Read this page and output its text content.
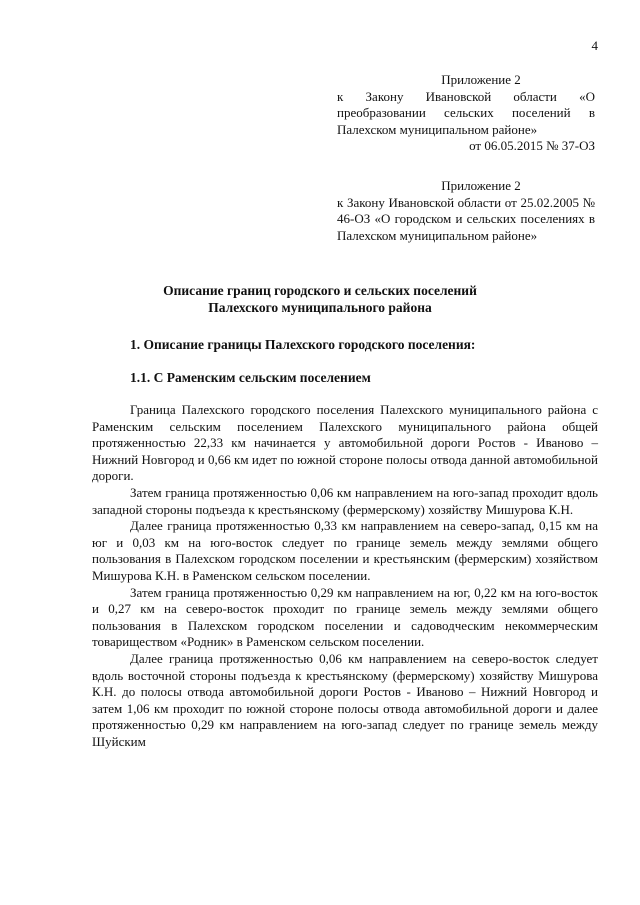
4
Приложение 2
к Закону Ивановской области «О преобразовании сельских поселений в Палехском муниципальном районе»
от 06.05.2015 № 37-ОЗ
Приложение 2
к Закону Ивановской области от 25.02.2005 № 46-ОЗ «О городском и сельских поселениях в Палехском муниципальном районе»
Описание границ городского и сельских поселений
Палехского муниципального района
1. Описание границы Палехского городского поселения:
1.1. С Раменским сельским поселением

Граница Палехского городского поселения Палехского муниципального района с Раменским сельским поселением Палехского муниципального района общей протяженностью 22,33 км начинается у автомобильной дороги Ростов - Иваново – Нижний Новгород и 0,66 км идет по южной стороне полосы отвода данной автомобильной дороги.

Затем граница протяженностью 0,06 км направлением на юго-запад проходит вдоль западной стороны подъезда к крестьянскому (фермерскому) хозяйству Мишурова К.Н.

Далее граница протяженностью 0,33 км направлением на северо-запад, 0,15 км на юг и 0,03 км на юго-восток следует по границе земель между землями общего пользования в Палехском городском поселении и крестьянским (фермерским) хозяйством Мишурова К.Н. в Раменском сельском поселении.

Затем граница протяженностью 0,29 км направлением на юг, 0,22 км на юго-восток и 0,27 км на северо-восток проходит по границе земель между землями общего пользования в Палехском городском поселении и садоводческим некоммерческим товариществом «Родник» в Раменском сельском поселении.

Далее граница протяженностью 0,06 км направлением на северо-восток следует вдоль восточной стороны подъезда к крестьянскому (фермерскому) хозяйству Мишурова К.Н. до полосы отвода автомобильной дороги Ростов - Иваново – Нижний Новгород и затем 1,06 км проходит по южной стороне полосы отвода автомобильной дороги и далее протяженностью 0,29 км направлением на юго-запад следует по границе земель между Шуйским
